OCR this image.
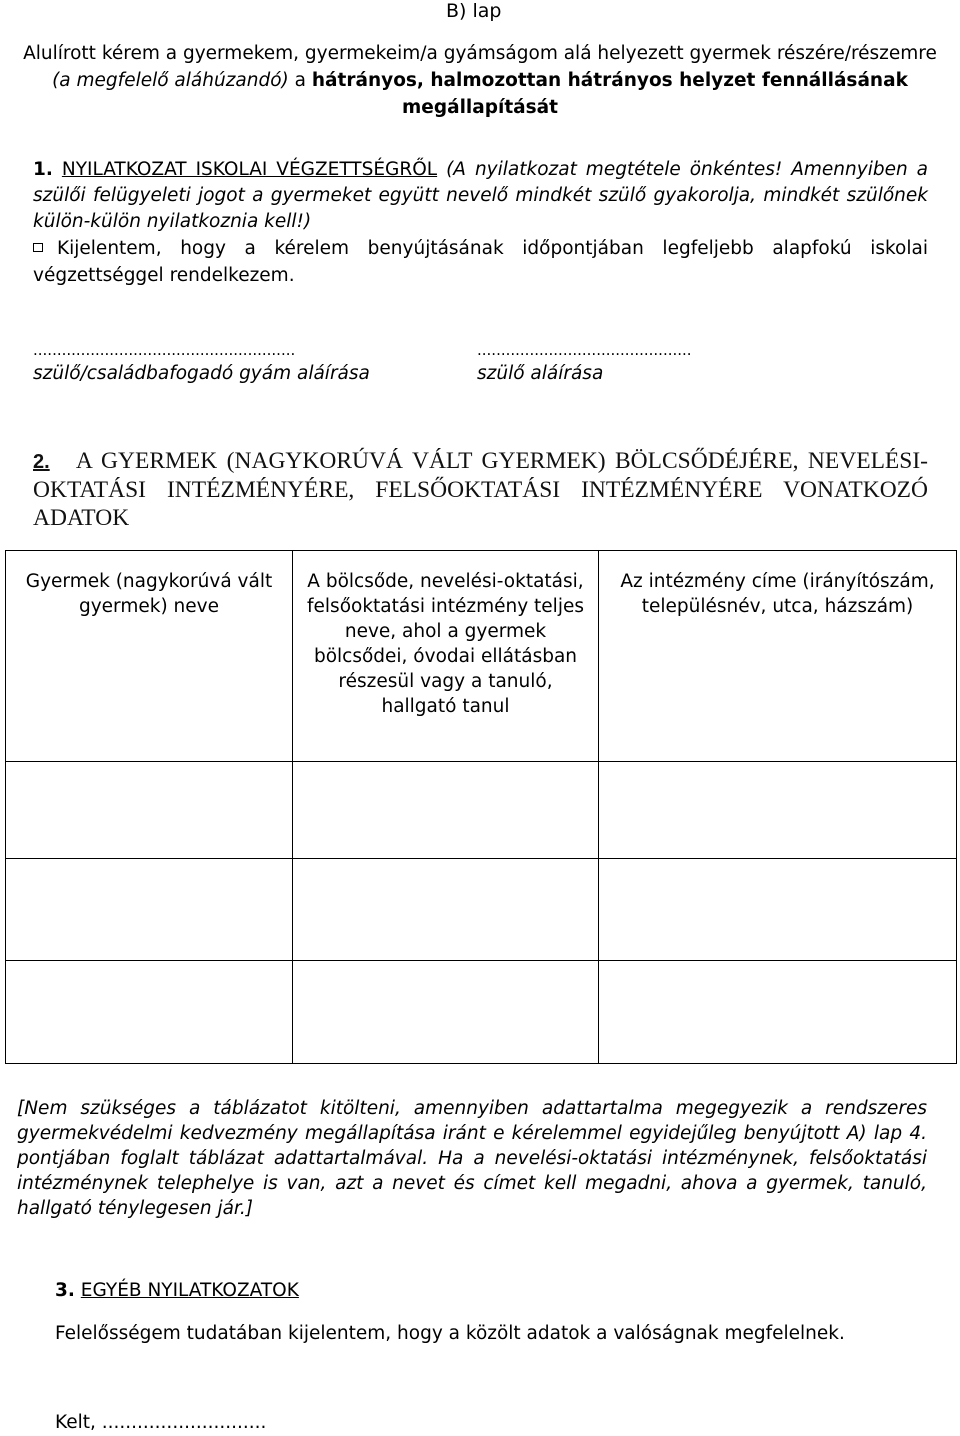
B) lap
Alulírott kérem a gyermekem, gyermekeim/a gyámságom alá helyezett gyermek részére/részemre
(a megfelelő aláhúzandó) a hátrányos, halmozottan hátrányos helyzet fennállásának
megállapítását
1. NYILATKOZAT ISKOLAI VÉGZETTSÉGRŐL (A nyilatkozat megtétele önkéntes! Amennyiben a szülői felügyeleti jogot a gyermeket együtt nevelő mindkét szülő gyakorolja, mindkét szülőnek külön-külön nyilatkoznia kell!)
Kijelentem, hogy a kérelem benyújtásának időpontjában legfeljebb alapfokú iskolai végzettséggel rendelkezem.
.......................................................
szülő/családbafogadó gyám aláírása
.............................................
szülő aláírása
2. A GYERMEK (NAGYKORÚVÁ VÁLT GYERMEK) BÖLCSŐDÉJÉRE, NEVELÉSI-OKTATÁSI INTÉZMÉNYÉRE, FELSŐOKTATÁSI INTÉZMÉNYÉRE VONATKOZÓ ADATOK
Gyermek (nagykorúvá vált gyermek) neve	A bölcsőde, nevelési-oktatási, felsőoktatási intézmény teljes neve, ahol a gyermek bölcsődei, óvodai ellátásban részesül vagy a tanuló, hallgató tanul	Az intézmény címe (irányítószám, településnév, utca, házszám)

[Nem szükséges a táblázatot kitölteni, amennyiben adattartalma megegyezik a rendszeres gyermekvédelmi kedvezmény megállapítása iránt e kérelemmel egyidejűleg benyújtott A) lap 4. pontjában foglalt táblázat adattartalmával. Ha a nevelési-oktatási intézménynek, felsőoktatási intézménynek telephelye is van, azt a nevet és címet kell megadni, ahova a gyermek, tanuló, hallgató ténylegesen jár.]
3. EGYÉB NYILATKOZATOK
Felelősségem tudatában kijelentem, hogy a közölt adatok a valóságnak megfelelnek.
Kelt, ............................
